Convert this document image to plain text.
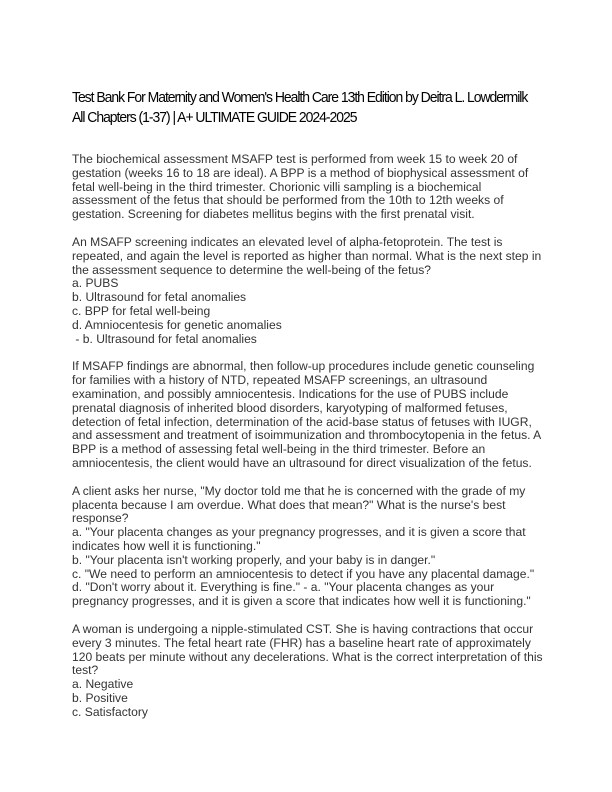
Test Bank For Maternity and Women's Health Care 13th Edition by Deitra L. Lowdermilk
All Chapters (1-37) | A+ ULTIMATE GUIDE 2024-2025
The biochemical assessment MSAFP test is performed from week 15 to week 20 of
gestation (weeks 16 to 18 are ideal). A BPP is a method of biophysical assessment of
fetal well-being in the third trimester. Chorionic villi sampling is a biochemical
assessment of the fetus that should be performed from the 10th to 12th weeks of
gestation. Screening for diabetes mellitus begins with the first prenatal visit.
An MSAFP screening indicates an elevated level of alpha-fetoprotein. The test is
repeated, and again the level is reported as higher than normal. What is the next step in
the assessment sequence to determine the well-being of the fetus?
a. PUBS
b. Ultrasound for fetal anomalies
c. BPP for fetal well-being
d. Amniocentesis for genetic anomalies
- b. Ultrasound for fetal anomalies
If MSAFP findings are abnormal, then follow-up procedures include genetic counseling
for families with a history of NTD, repeated MSAFP screenings, an ultrasound
examination, and possibly amniocentesis. Indications for the use of PUBS include
prenatal diagnosis of inherited blood disorders, karyotyping of malformed fetuses,
detection of fetal infection, determination of the acid-base status of fetuses with IUGR,
and assessment and treatment of isoimmunization and thrombocytopenia in the fetus. A
BPP is a method of assessing fetal well-being in the third trimester. Before an
amniocentesis, the client would have an ultrasound for direct visualization of the fetus.
A client asks her nurse, "My doctor told me that he is concerned with the grade of my
placenta because I am overdue. What does that mean?" What is the nurse's best
response?
a. "Your placenta changes as your pregnancy progresses, and it is given a score that
indicates how well it is functioning."
b. "Your placenta isn't working properly, and your baby is in danger."
c. "We need to perform an amniocentesis to detect if you have any placental damage."
d. "Don't worry about it. Everything is fine." - a. "Your placenta changes as your
pregnancy progresses, and it is given a score that indicates how well it is functioning."
A woman is undergoing a nipple-stimulated CST. She is having contractions that occur
every 3 minutes. The fetal heart rate (FHR) has a baseline heart rate of approximately
120 beats per minute without any decelerations. What is the correct interpretation of this
test?
a. Negative
b. Positive
c. Satisfactory
